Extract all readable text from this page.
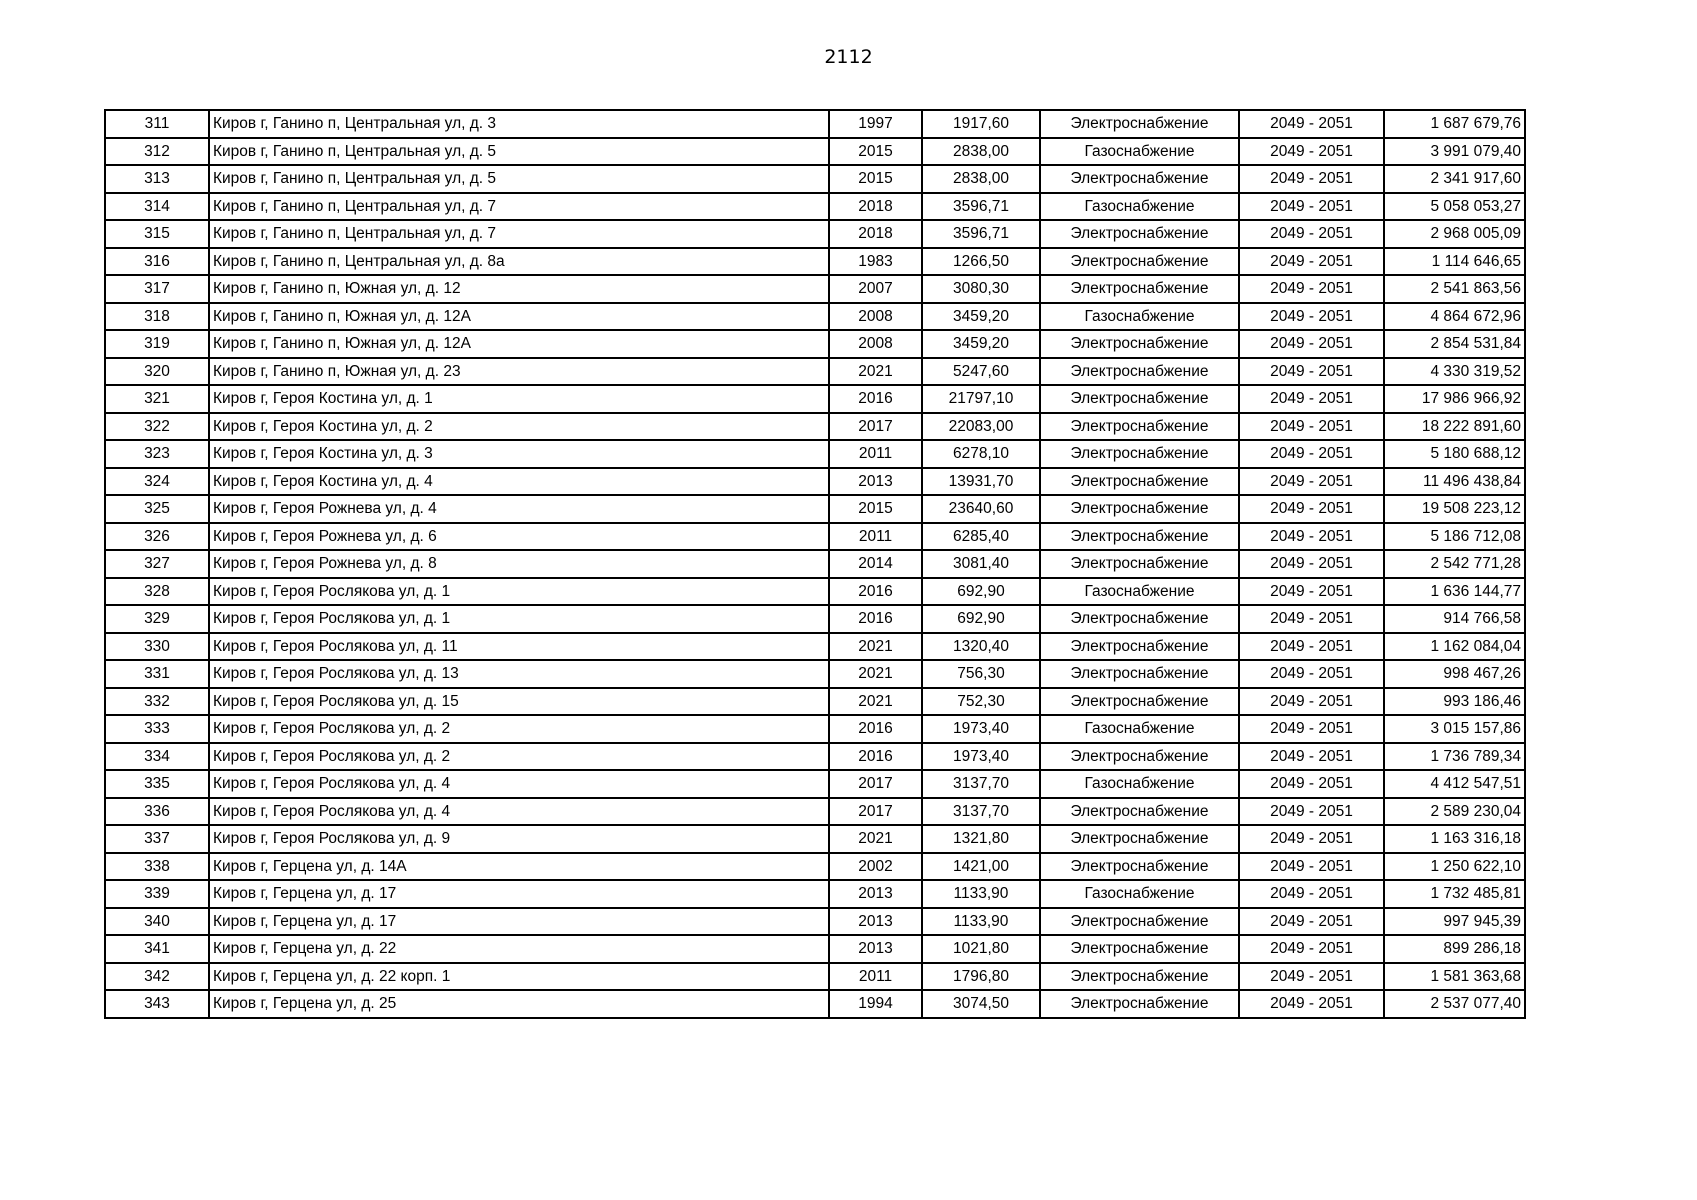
2112
311	Киров г, Ганино п, Центральная ул, д. 3	1997	1917,60	Электроснабжение	2049 - 2051	1 687 679,76
312	Киров г, Ганино п, Центральная ул, д. 5	2015	2838,00	Газоснабжение	2049 - 2051	3 991 079,40
313	Киров г, Ганино п, Центральная ул, д. 5	2015	2838,00	Электроснабжение	2049 - 2051	2 341 917,60
314	Киров г, Ганино п, Центральная ул, д. 7	2018	3596,71	Газоснабжение	2049 - 2051	5 058 053,27
315	Киров г, Ганино п, Центральная ул, д. 7	2018	3596,71	Электроснабжение	2049 - 2051	2 968 005,09
316	Киров г, Ганино п, Центральная ул, д. 8а	1983	1266,50	Электроснабжение	2049 - 2051	1 114 646,65
317	Киров г, Ганино п, Южная ул, д. 12	2007	3080,30	Электроснабжение	2049 - 2051	2 541 863,56
318	Киров г, Ганино п, Южная ул, д. 12А	2008	3459,20	Газоснабжение	2049 - 2051	4 864 672,96
319	Киров г, Ганино п, Южная ул, д. 12А	2008	3459,20	Электроснабжение	2049 - 2051	2 854 531,84
320	Киров г, Ганино п, Южная ул, д. 23	2021	5247,60	Электроснабжение	2049 - 2051	4 330 319,52
321	Киров г, Героя Костина ул, д. 1	2016	21797,10	Электроснабжение	2049 - 2051	17 986 966,92
322	Киров г, Героя Костина ул, д. 2	2017	22083,00	Электроснабжение	2049 - 2051	18 222 891,60
323	Киров г, Героя Костина ул, д. 3	2011	6278,10	Электроснабжение	2049 - 2051	5 180 688,12
324	Киров г, Героя Костина ул, д. 4	2013	13931,70	Электроснабжение	2049 - 2051	11 496 438,84
325	Киров г, Героя Рожнева ул, д. 4	2015	23640,60	Электроснабжение	2049 - 2051	19 508 223,12
326	Киров г, Героя Рожнева ул, д. 6	2011	6285,40	Электроснабжение	2049 - 2051	5 186 712,08
327	Киров г, Героя Рожнева ул, д. 8	2014	3081,40	Электроснабжение	2049 - 2051	2 542 771,28
328	Киров г, Героя Рослякова ул, д. 1	2016	692,90	Газоснабжение	2049 - 2051	1 636 144,77
329	Киров г, Героя Рослякова ул, д. 1	2016	692,90	Электроснабжение	2049 - 2051	914 766,58
330	Киров г, Героя Рослякова ул, д. 11	2021	1320,40	Электроснабжение	2049 - 2051	1 162 084,04
331	Киров г, Героя Рослякова ул, д. 13	2021	756,30	Электроснабжение	2049 - 2051	998 467,26
332	Киров г, Героя Рослякова ул, д. 15	2021	752,30	Электроснабжение	2049 - 2051	993 186,46
333	Киров г, Героя Рослякова ул, д. 2	2016	1973,40	Газоснабжение	2049 - 2051	3 015 157,86
334	Киров г, Героя Рослякова ул, д. 2	2016	1973,40	Электроснабжение	2049 - 2051	1 736 789,34
335	Киров г, Героя Рослякова ул, д. 4	2017	3137,70	Газоснабжение	2049 - 2051	4 412 547,51
336	Киров г, Героя Рослякова ул, д. 4	2017	3137,70	Электроснабжение	2049 - 2051	2 589 230,04
337	Киров г, Героя Рослякова ул, д. 9	2021	1321,80	Электроснабжение	2049 - 2051	1 163 316,18
338	Киров г, Герцена ул, д. 14А	2002	1421,00	Электроснабжение	2049 - 2051	1 250 622,10
339	Киров г, Герцена ул, д. 17	2013	1133,90	Газоснабжение	2049 - 2051	1 732 485,81
340	Киров г, Герцена ул, д. 17	2013	1133,90	Электроснабжение	2049 - 2051	997 945,39
341	Киров г, Герцена ул, д. 22	2013	1021,80	Электроснабжение	2049 - 2051	899 286,18
342	Киров г, Герцена ул, д. 22 корп. 1	2011	1796,80	Электроснабжение	2049 - 2051	1 581 363,68
343	Киров г, Герцена ул, д. 25	1994	3074,50	Электроснабжение	2049 - 2051	2 537 077,40
